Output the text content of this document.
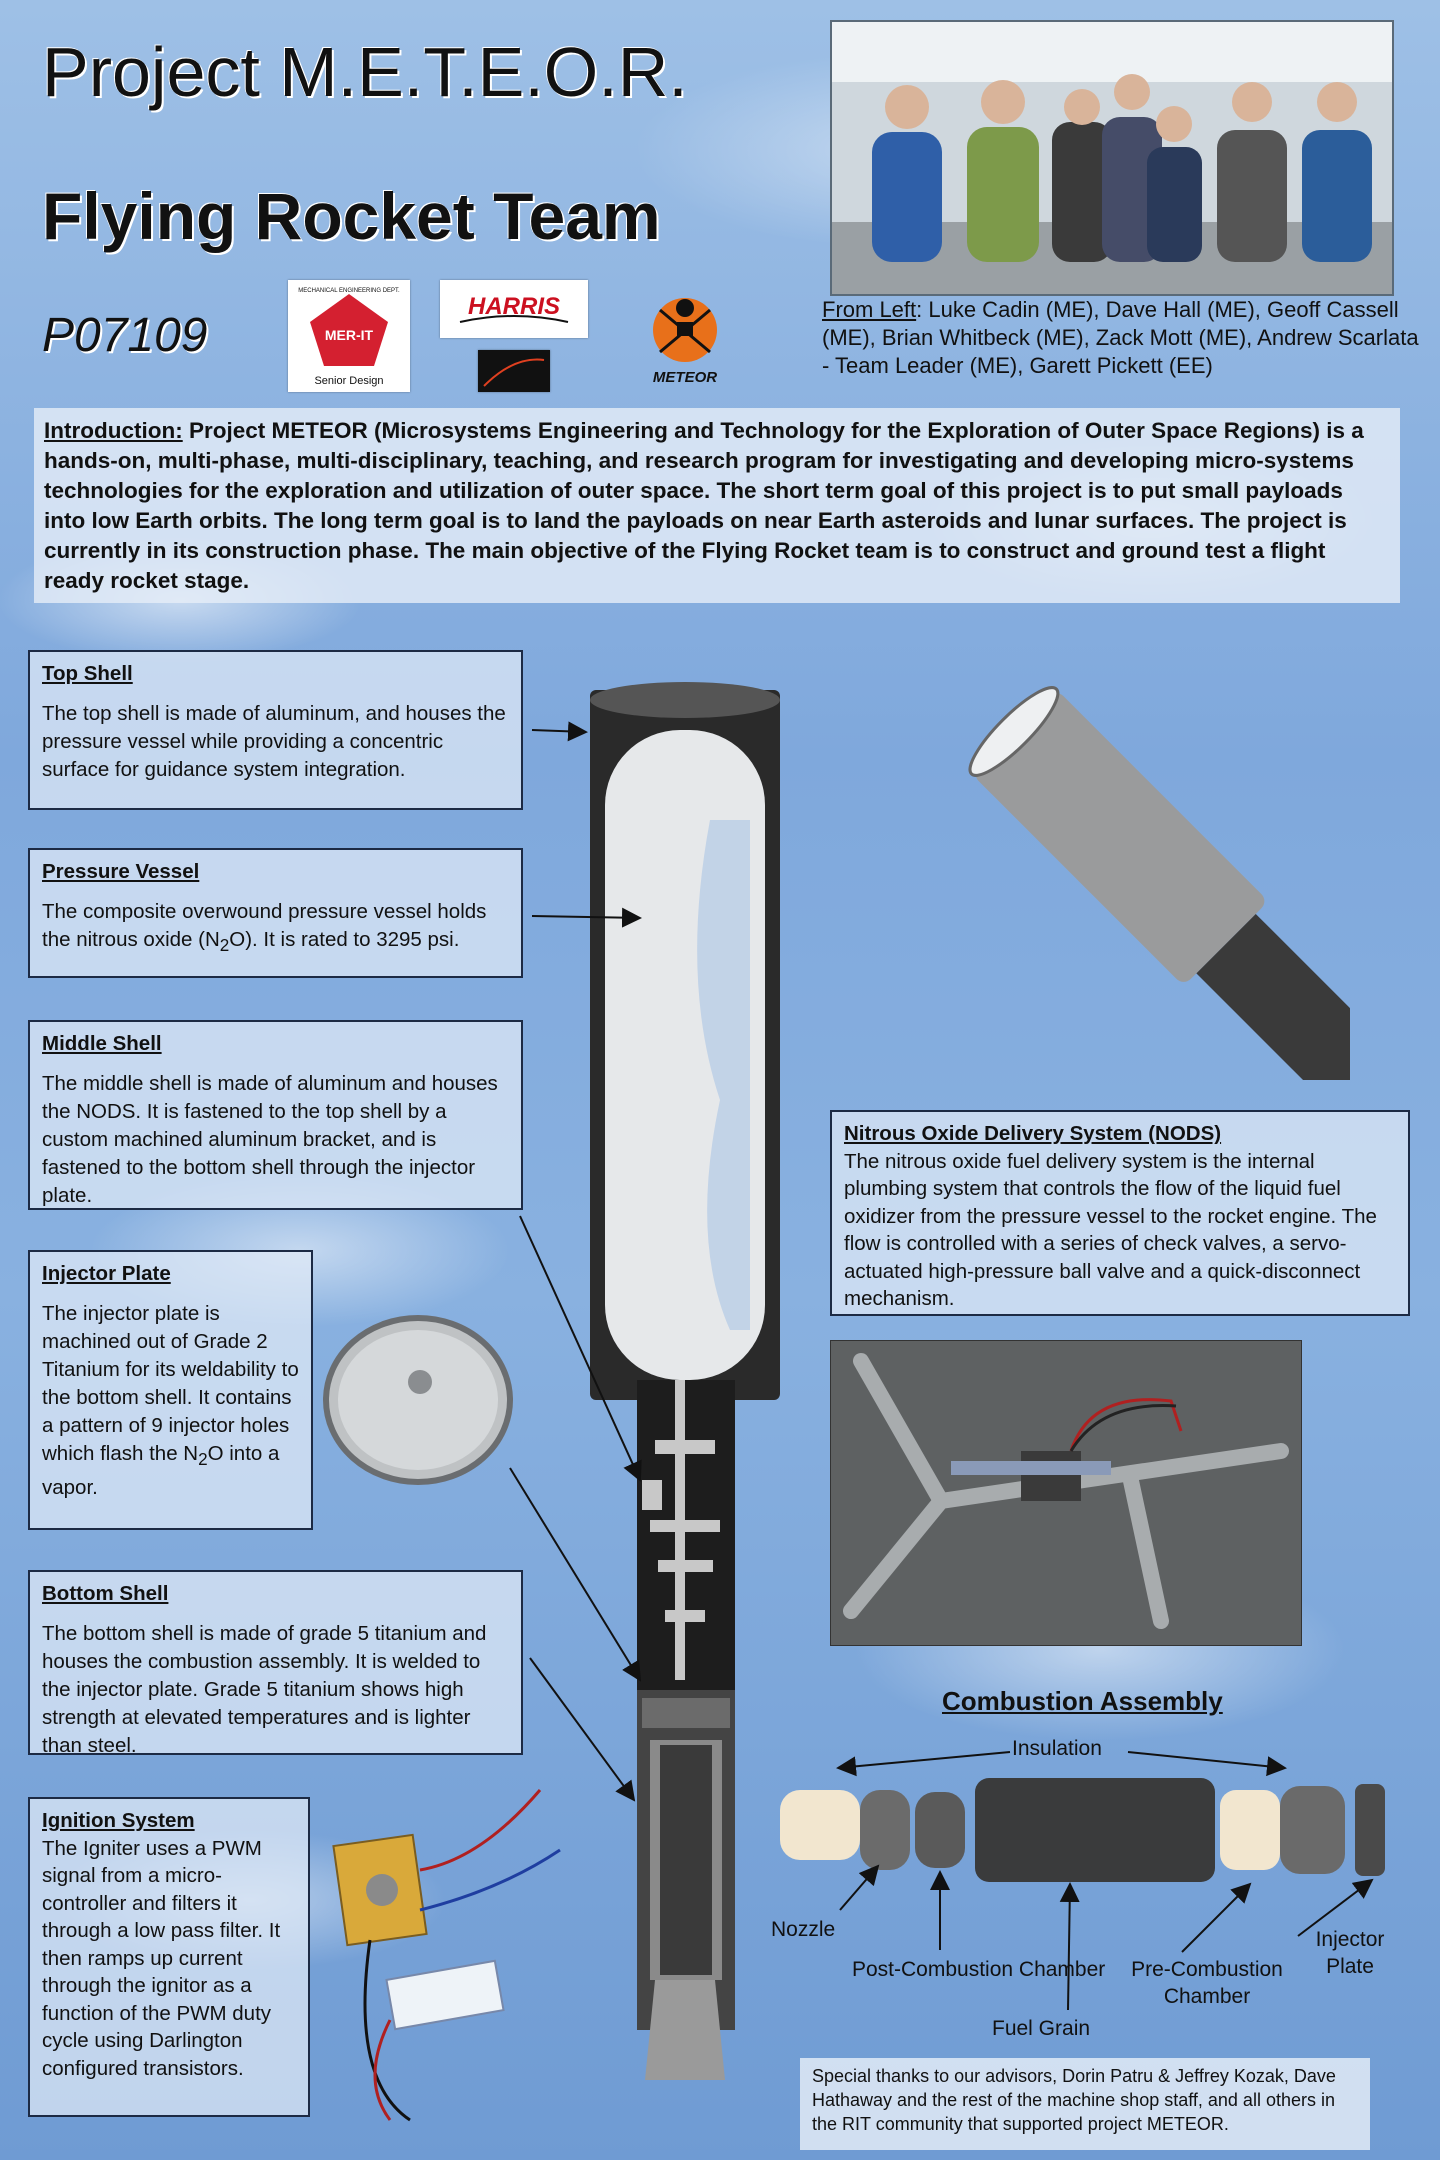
Project M.E.T.E.O.R.
Flying Rocket Team
P07109	MER-IT
Senior Design
MECHANICAL ENGINEERING DEPT.
HARRIS
METEOR
From Left: Luke Cadin (ME), Dave Hall (ME), Geoff Cassell (ME), Brian Whitbeck (ME), Zack Mott (ME), Andrew Scarlata - Team Leader (ME), Garett Pickett (EE)
Introduction: Project METEOR (Microsystems Engineering and Technology for the Exploration of Outer Space Regions) is a hands-on, multi-phase, multi-disciplinary, teaching, and research program for investigating and developing micro-systems technologies for the exploration and utilization of outer space. The short term goal of this project is to put small payloads into low Earth orbits. The long term goal is to land the payloads on near Earth asteroids and lunar surfaces. The project is currently in its construction phase. The main objective of the Flying Rocket team is to construct and ground test a flight ready rocket stage.
Top Shell
The top shell is made of aluminum, and houses the pressure vessel while providing a concentric surface for guidance system integration.
Pressure Vessel
The composite overwound pressure vessel holds the nitrous oxide $(N_2O)$. It is rated to 3295 psi.
Middle Shell
The middle shell is made of aluminum and houses the NODS. It is fastened to the top shell by a custom machined aluminum bracket, and is fastened to the bottom shell through the injector plate.
Injector Plate
The injector plate is machined out of Grade 2 Titanium for its weldability to the bottom shell. It contains a pattern of 9 injector holes which flash the $N_2O$ into a vapor.
Bottom Shell
The bottom shell is made of grade 5 titanium and houses the combustion assembly. It is welded to the injector plate. Grade 5 titanium shows high strength at elevated temperatures and is lighter than steel.
Ignition System
The Igniter uses a PWM signal from a micro-controller and filters it through a low pass filter. It then ramps up current through the ignitor as a function of the PWM duty cycle using Darlington configured transistors.
Nitrous Oxide Delivery System (NODS)
The nitrous oxide fuel delivery system is the internal plumbing system that controls the flow of the liquid fuel oxidizer from the pressure vessel to the rocket engine. The flow is controlled with a series of check valves, a servo-actuated high-pressure ball valve and a quick-disconnect mechanism.
Combustion Assembly
Insulation
Nozzle
Post-Combustion Chamber	Pre-Combustion
Chamber
Fuel Grain
Injector
Plate
Special thanks to our advisors, Dorin Patru & Jeffrey Kozak, Dave Hathaway and the rest of the machine shop staff, and all others in the RIT community that supported project METEOR.
